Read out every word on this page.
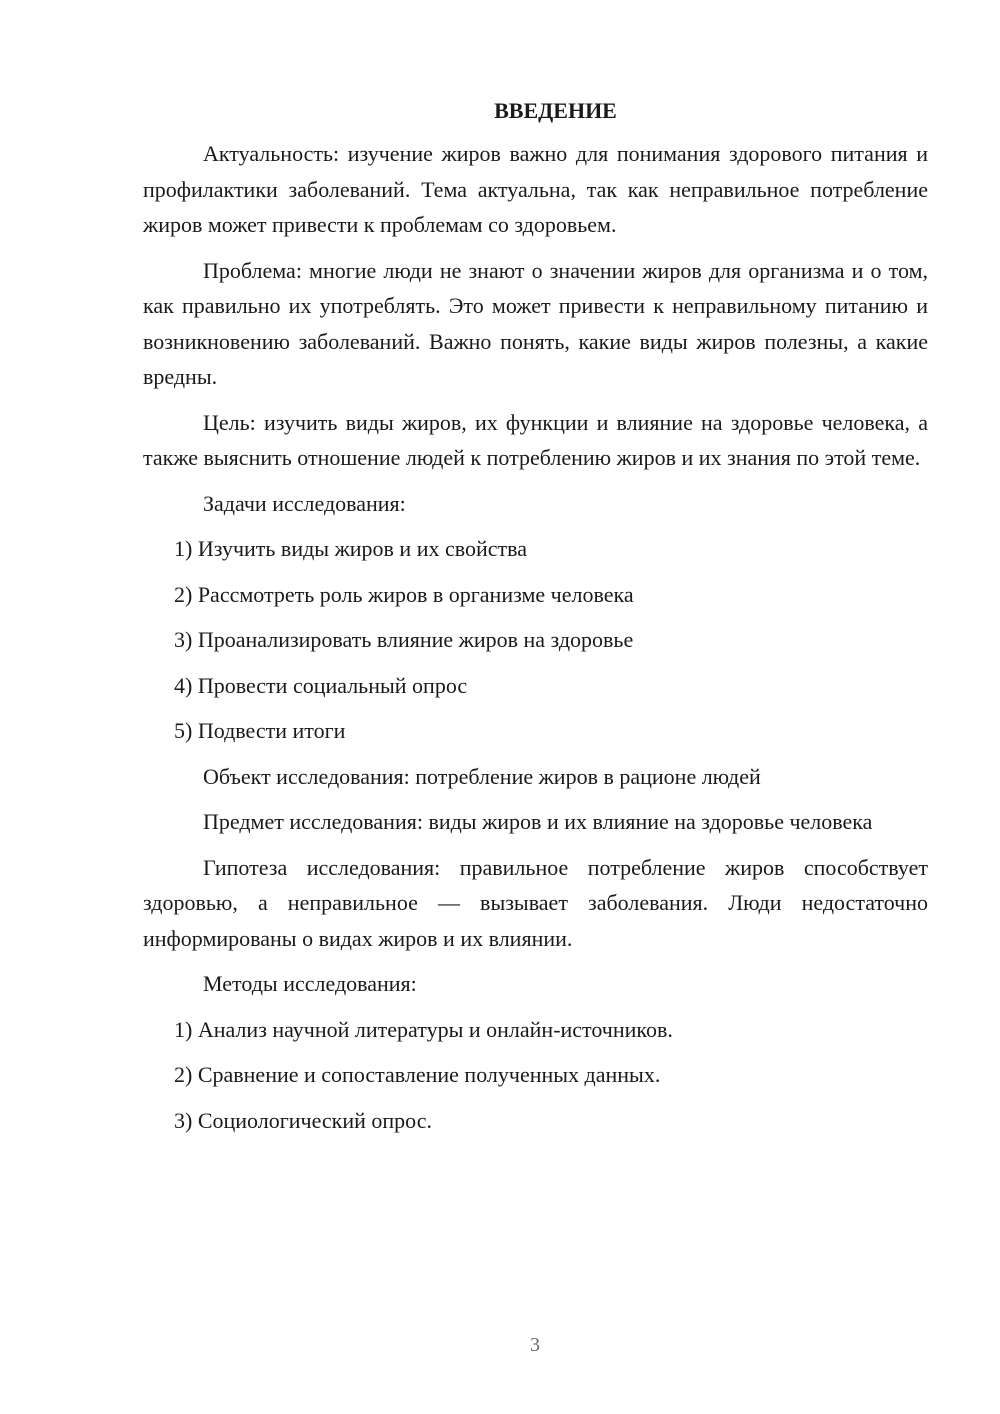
ВВЕДЕНИЕ
Актуальность: изучение жиров важно для понимания здорового питания и профилактики заболеваний. Тема актуальна, так как неправильное потребление жиров может привести к проблемам со здоровьем.
Проблема: многие люди не знают о значении жиров для организма и о том, как правильно их употреблять. Это может привести к неправильному питанию и возникновению заболеваний. Важно понять, какие виды жиров полезны, а какие вредны.
Цель: изучить виды жиров, их функции и влияние на здоровье человека, а также выяснить отношение людей к потреблению жиров и их знания по этой теме.
Задачи исследования:
1) Изучить виды жиров и их свойства
2) Рассмотреть роль жиров в организме человека
3) Проанализировать влияние жиров на здоровье
4) Провести социальный опрос
5) Подвести итоги
Объект исследования: потребление жиров в рационе людей
Предмет исследования: виды жиров и их влияние на здоровье человека
Гипотеза исследования: правильное потребление жиров способствует здоровью, а неправильное — вызывает заболевания. Люди недостаточно информированы о видах жиров и их влиянии.
Методы исследования:
1) Анализ научной литературы и онлайн-источников.
2) Сравнение и сопоставление полученных данных.
3) Социологический опрос.
3
